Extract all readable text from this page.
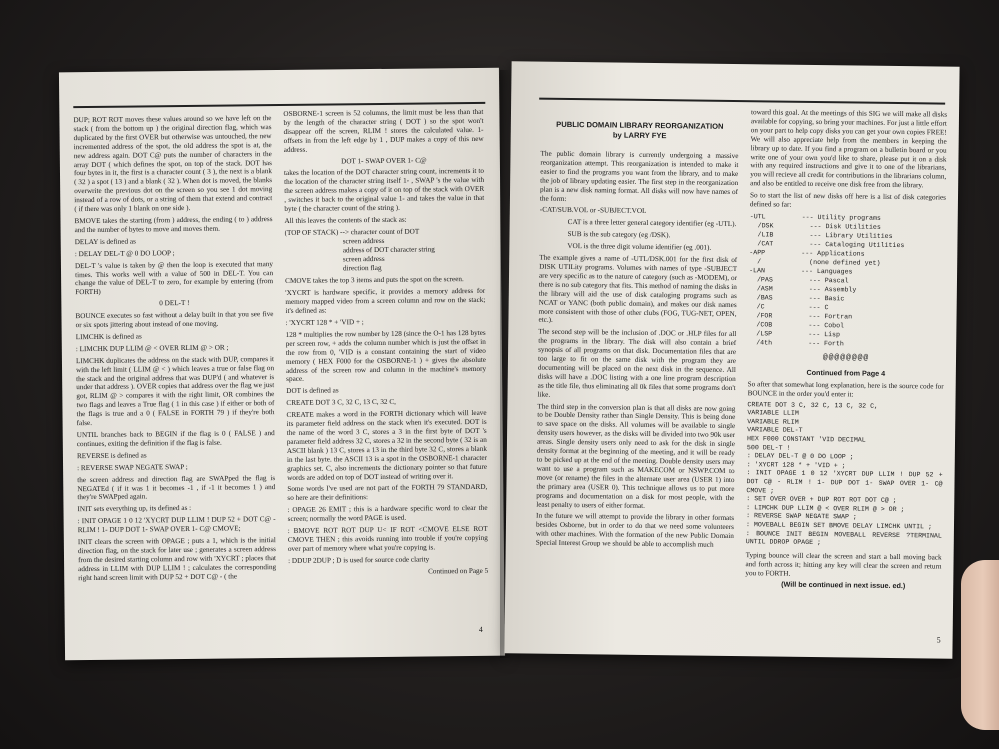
DUP; ROT ROT moves these values around so we have left on the stack ( from the bottom up ) the original direction flag, which was duplicated by the first OVER but otherwise was untouched, the new incremented address of the spot, the old address the spot is at, the new address again. DOT C@ puts the number of characters in the array DOT ( which defines the spot, on top of the stack. DOT has four bytes in it, the first is a character count ( 3 ), the next is a blank ( 32 ) a spot ( 13 ) and a blank ( 32 ). When dot is moved, the blanks overwrite the previous dot on the screen so you see 1 dot moving instead of a row of dots, or a string of them that extend and contract ( if there was only 1 blank on one side ).

BMOVE takes the starting (from ) address, the ending ( to ) address and the number of bytes to move and moves them.

DELAY is defined as

: DELAY DEL-T @ 0 DO LOOP ;

DEL-T 's value is taken by @ then the loop is executed that many times. This works well with a value of 500 in DEL-T. You can change the value of DEL-T to zero, for example by entering (from FORTH)

0 DEL-T !

BOUNCE executes so fast without a delay built in that you see five or six spots jittering about instead of one moving.

LIMCHK is defined as

: LIMCHK DUP LLIM @ < OVER RLIM @ > OR ;

LIMCHK duplicates the address on the stack with DUP, compares it with the left limit ( LLIM @ < ) which leaves a true or false flag on the stack and the original address that was DUP'd ( and whatever is under that address ). OVER copies that address over the flag we just got, RLIM @ > compares it with the right limit, OR combines the two flags and leaves a True flag ( 1 in this case ) if either or both of the flags is true and a 0 ( FALSE in FORTH 79 ) if they're both false.

UNTIL branches back to BEGIN if the flag is 0 ( FALSE ) and continues, exiting the definition if the flag is false.

REVERSE is defined as

: REVERSE SWAP NEGATE SWAP ;

the screen address and direction flag are SWAPped the flag is NEGATEd ( if it was 1 it becomes -1 , if -1 it becomes 1 ) and they're SWAPped again.

INIT sets everything up, its defined as :

: INIT OPAGE 1 0 12 'XYCRT DUP LLIM ! DUP 52 + DOT C@ - RLIM ! 1- DUP DOT 1- SWAP OVER 1- C@ CMOVE;

INIT clears the screen with OPAGE ; puts a 1, which is the initial direction flag, on the stack for later use ; generates a screen address from the desired starting column and row with 'XYCRT ; places that address in LLIM with DUP LLIM ! ; calculates the corresponding right hand screen limit with DUP 52 + DOT C@ - ( the

OSBORNE-1 screen is 52 columns, the limit must be less than that by the length of the character string ( DOT ) so the spot won't disappear off the screen, RLIM ! stores the calculated value. 1- offsets in from the left edge by 1 , DUP makes a copy of this new address.

DOT 1- SWAP OVER 1- C@

takes the location of the DOT character string count, increments it to the location of the character string itself 1- , SWAP 's the value with the screen address makes a copy of it on top of the stack with OVER , switches it back to the original value 1- and takes the value in that byte ( the character count of the string ).

All this leaves the contents of the stack as:

(TOP OF STACK) --> character count of DOT
screen address
address of DOT character string
screen address
direction flag

CMOVE takes the top 3 items and puts the spot on the screen.

'XYCRT is hardware specific, it provides a memory address for memory mapped video from a screen column and row on the stack; it's defined as:

: 'XYCRT 128 * + 'VID + ;

128 * multiplies the row number by 128 (since the O-1 has 128 bytes per screen row, + adds the column number which is just the offset in the row from 0, 'VID is a constant containing the start of video memory ( HEX F000 for the OSBORNE-1 ) + gives the absolute address of the screen row and column in the machine's memory space.

DOT is defined as

CREATE DOT 3 C, 32 C, 13 C, 32 C,

CREATE makes a word in the FORTH dictionary which will leave its parameter field address on the stack when it's executed. DOT is the name of the word 3 C, stores a 3 in the first byte of DOT 's parameter field address 32 C, stores a 32 in the second byte ( 32 is an ASCII blank ) 13 C, stores a 13 in the third byte 32 C, stores a blank in the last byte. the ASCII 13 is a spot in the OSBORNE-1 character graphics set. C, also increments the dictionary pointer so that future words are added on top of DOT instead of writing over it.

Some words I've used are not part of the FORTH 79 STANDARD, so here are their definitions:

: OPAGE 26 EMIT ; this is a hardware specific word to clear the screen; normally the word PAGE is used.

: BMOVE ROT ROT DUP U< IF ROT <CMOVE ELSE ROT CMOVE THEN ; this avoids running into trouble if you're copying over part of memory where what you're copying is.

: DDUP 2DUP ; D is used for source code clarity

Continued on Page 5

4
PUBLIC DOMAIN LIBRARY REORGANIZATION
by LARRY FYE

The public domain library is currently undergoing a massive reorganization attempt. This reorganization is intended to make it easier to find the programs you want from the library, and to make the job of library updating easier. The first step in the reorganization plan is a new disk naming format. All disks will now have names of the form:

-CAT/SUB.VOL or -SUBJECT.VOL

CAT is a three letter general category identifier (eg -UTL).

SUB is the sub category (eg /DSK).

VOL is the three digit volume identifier (eg .001).

The example gives a name of -UTL/DSK.001 for the first disk of DISK UTILity programs. Volumes with names of type -SUBJECT are very specific as to the nature of category (such as -MODEM), or there is no sub category that fits. This method of naming the disks in the library will aid the use of disk cataloging programs such as NCAT or YANC (both public domain), and makes our disk names more consistent with those of other clubs (FOG, TUG-NET, OPEN, etc.).

The second step will be the inclusion of .DOC or .HLP files for all the programs in the library. The disk will also contain a brief synopsis of all programs on that disk. Documentation files that are too large to fit on the same disk with the program they are documenting will be placed on the next disk in the sequence. All disks will have a .DOC listing with a one line program description as the title file, thus eliminating all 0k files that some programs don't like.

The third step in the conversion plan is that all disks are now going to be Double Density rather than Single Density. This is being done to save space on the disks. All volumes will be available to single density users however, as the disks will be divided into two 90k user areas. Single density users only need to ask for the disk in single density format at the beginning of the meeting, and it will be ready to be picked up at the end of the meeting. Double density users may want to use a program such as MAKECOM or NSWP.COM to move (or rename) the files in the alternate user area (USER 1) into the primary area (USER 0). This technique allows us to put more programs and documentation on a disk for most people, with the least penalty to users of either format.

In the future we will attempt to provide the library in other formats besides Osborne, but in order to do that we need some volunteers with other machines. With the formation of the new Public Domain Special Interest Group we should be able to accomplish much

toward this goal. At the meetings of this SIG we will make all disks available for copying, so bring your machines. For just a little effort on your part to help copy disks you can get your own copies FREE! We will also appreciate help from the members in keeping the library up to date. If you find a program on a bulletin board or you write one of your own you'd like to share, please put it on a disk with any required instructions and give it to one of the librarians, you will recieve all credit for contributions in the librarians column, and also be entitled to receive one disk free from the library.

So to start the list of new disks off here is a list of disk categories defined so far:

-UTL	--- Utility programs
/DSK	--- Disk Utilities
/LIB	--- Library Utilities
/CAT	--- Cataloging Utilities
-APP	--- Applications
/	(none defined yet)
-LAN	--- Languages
/PAS	--- Pascal
/ASM	--- Assembly
/BAS	--- Basic
/C	--- C
/FOR	--- Fortran
/COB	--- Cobol
/LSP	--- Lisp
/4th	--- Forth
@@@@@@@@

Continued from Page 4

So after that somewhat long explanation, here is the source code for BOUNCE in the order you'd enter it:

CREATE DOT 3 C, 32 C, 13 C, 32 C,
VARIABLE LLIM
VARIABLE RLIM
VARIABLE DEL-T
HEX F000 CONSTANT 'VID DECIMAL
500 DEL-T !
: DELAY DEL-T @ 0 DO LOOP ;
: 'XYCRT 128 * + 'VID + ;
: INIT OPAGE 1 0 12 'XYCRT DUP LLIM ! DUP 52 + DOT C@ - RLIM ! 1- DUP DOT 1- SWAP OVER 1- C@ CMOVE ;
: SET OVER OVER + DUP ROT ROT DOT C@ ;
: LIMCHK DUP LLIM @ < OVER RLIM @ > OR ;
: REVERSE SWAP NEGATE SWAP ;
: MOVEBALL BEGIN SET BMOVE DELAY LIMCHK UNTIL ;
: BOUNCE INIT BEGIN MOVEBALL REVERSE ?TERMINAL UNTIL DDROP OPAGE ;

Typing bounce will clear the screen and start a ball moving back and forth across it; hitting any key will clear the screen and return you to FORTH.

(Will be continued in next issue. ed.)

5
